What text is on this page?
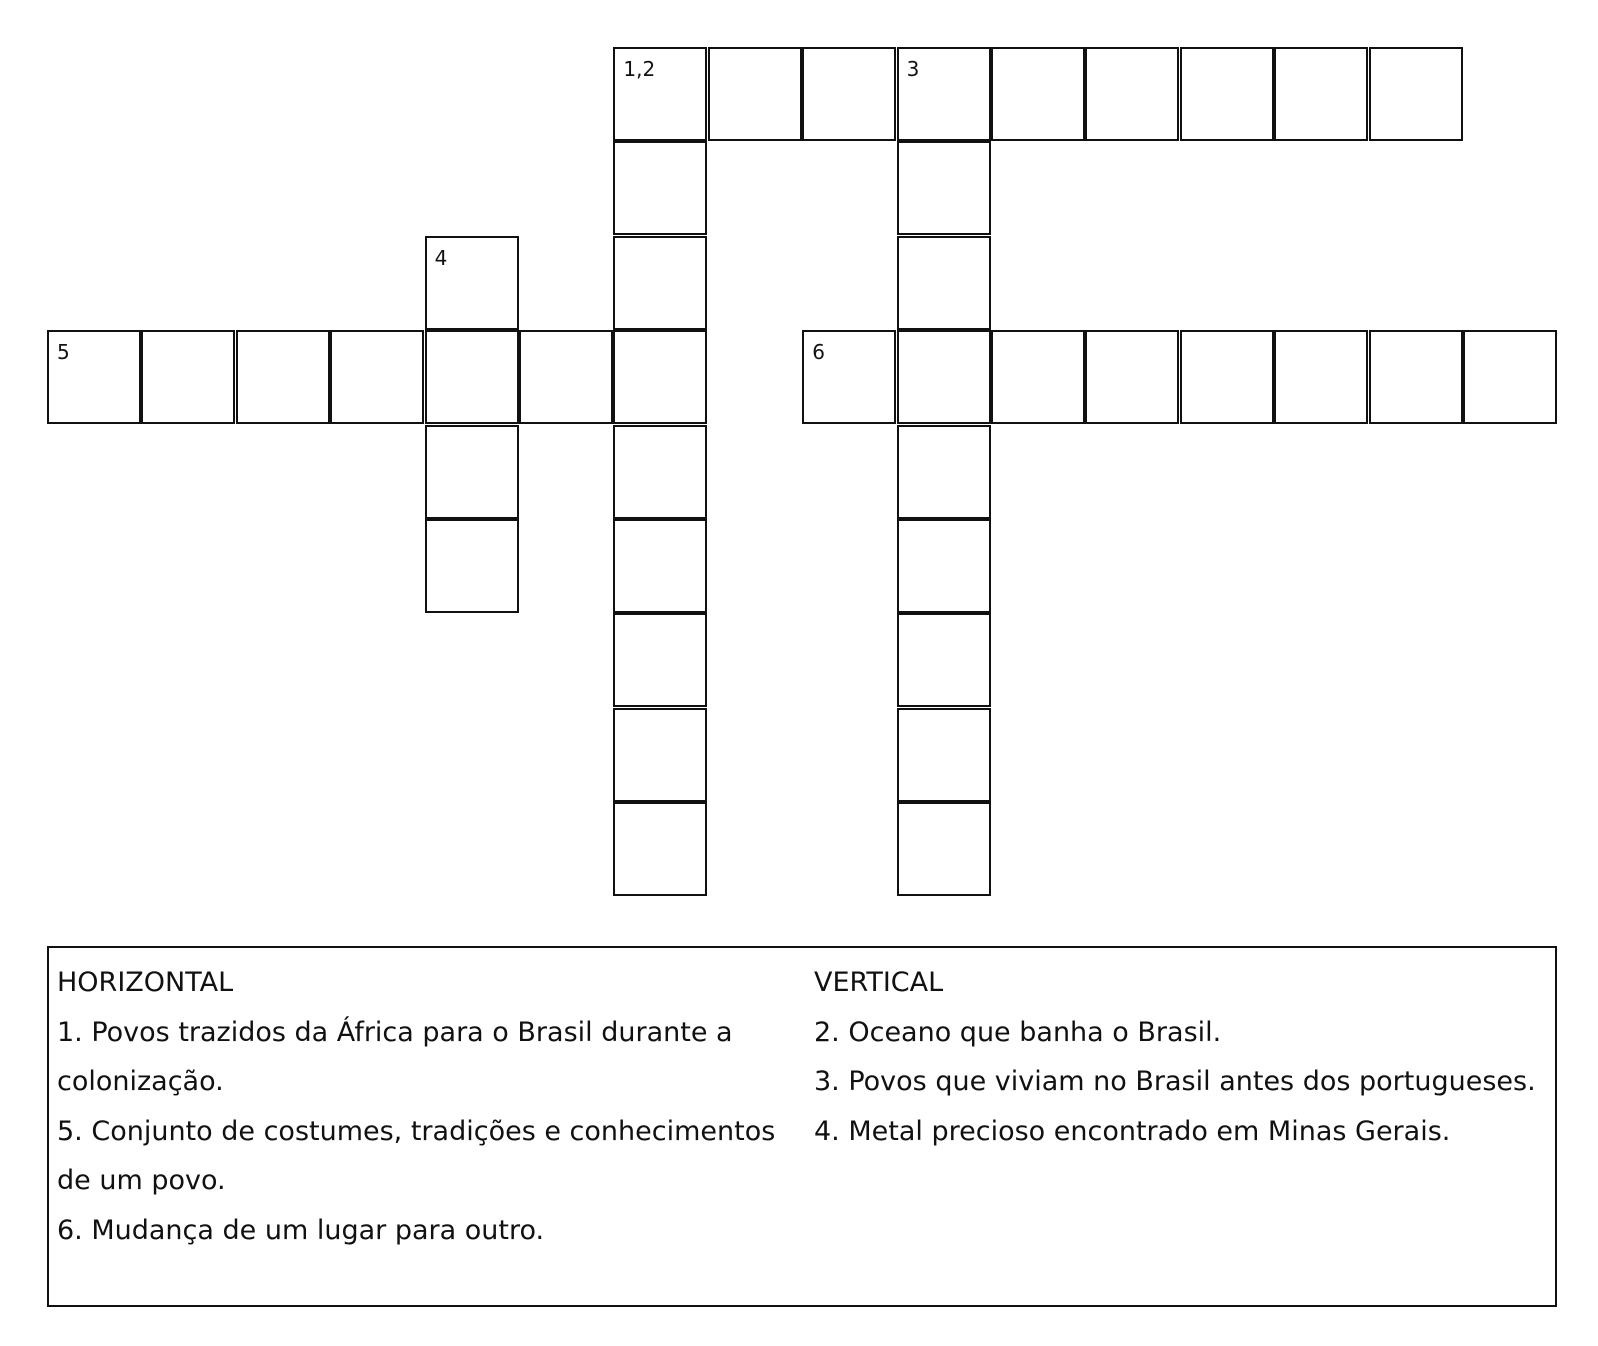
1,2	3
4
5	6
HORIZONTAL
1. Povos trazidos da África para o Brasil durante a
colonização.
5. Conjunto de costumes, tradições e conhecimentos
de um povo.
6. Mudança de um lugar para outro.
VERTICAL
2. Oceano que banha o Brasil.
3. Povos que viviam no Brasil antes dos portugueses.
4. Metal precioso encontrado em Minas Gerais.
